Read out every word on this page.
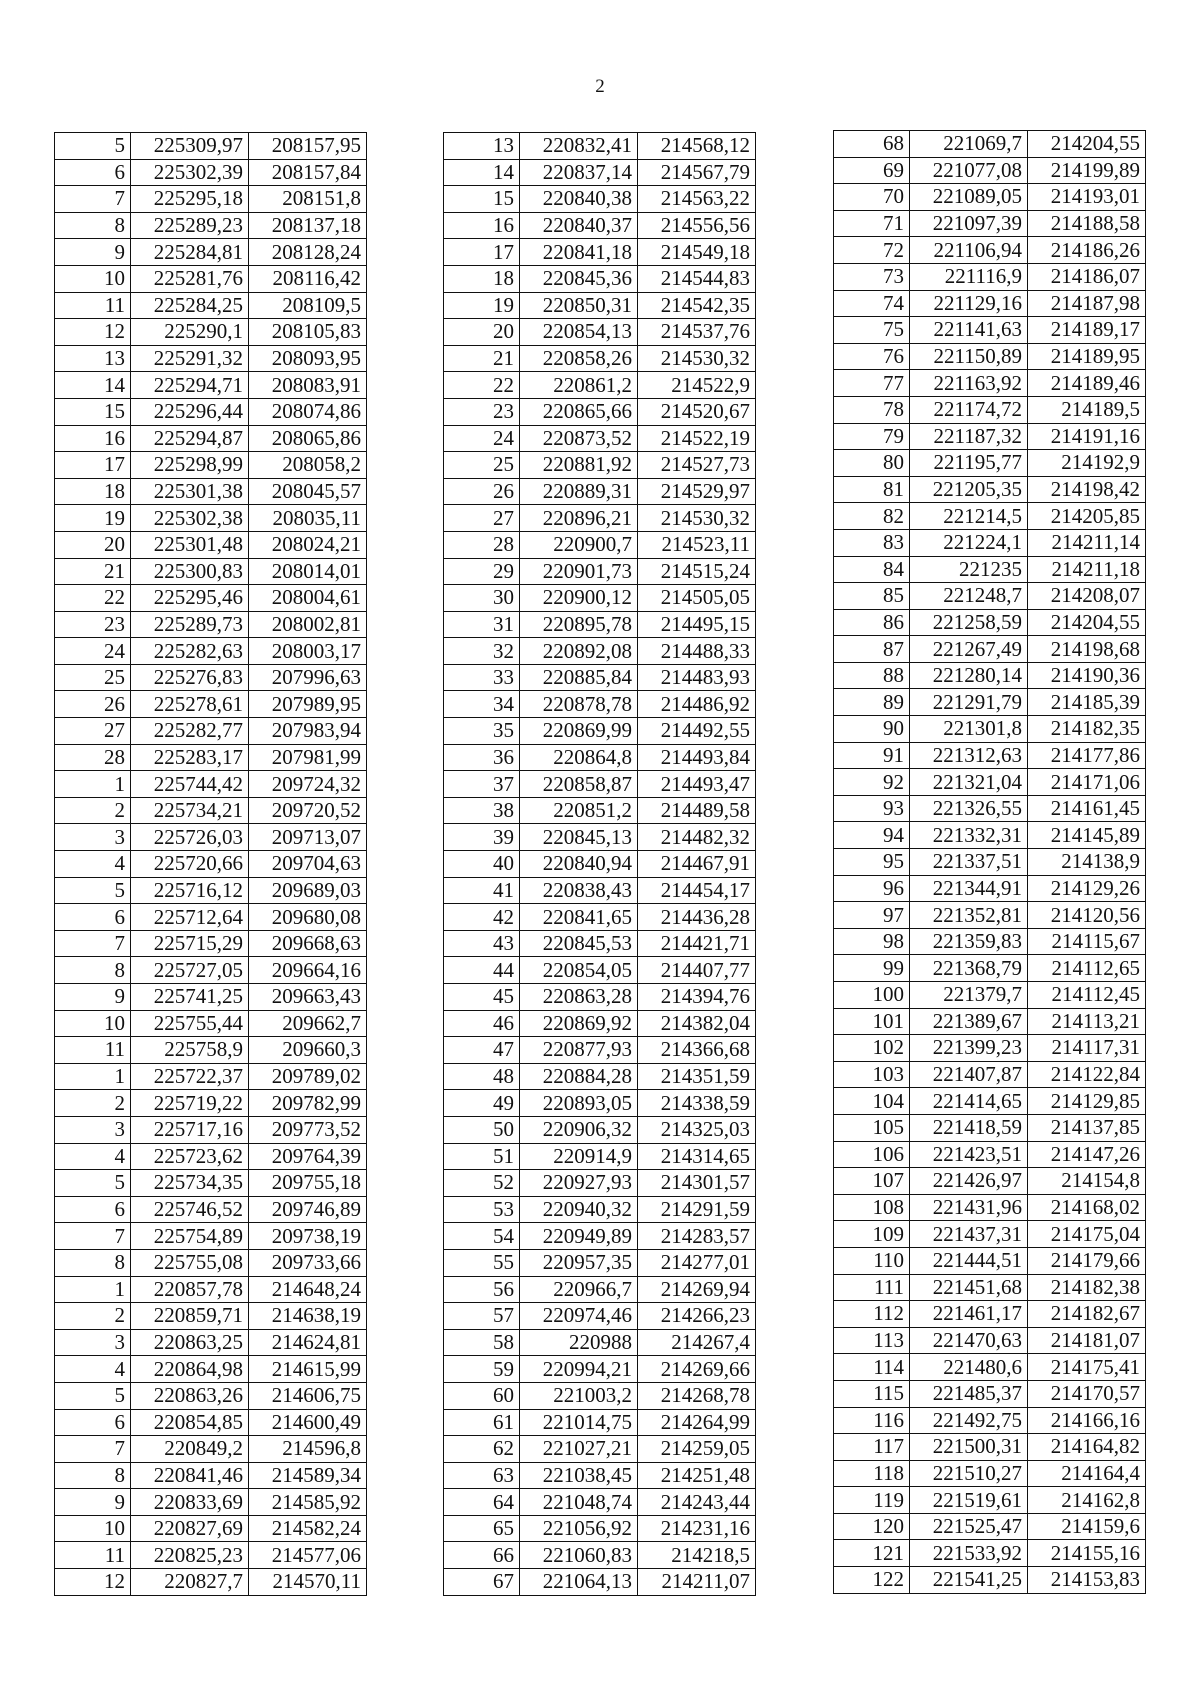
2
5	225309,97	208157,95
6	225302,39	208157,84
7	225295,18	208151,8
8	225289,23	208137,18
9	225284,81	208128,24
10	225281,76	208116,42
11	225284,25	208109,5
12	225290,1	208105,83
13	225291,32	208093,95
14	225294,71	208083,91
15	225296,44	208074,86
16	225294,87	208065,86
17	225298,99	208058,2
18	225301,38	208045,57
19	225302,38	208035,11
20	225301,48	208024,21
21	225300,83	208014,01
22	225295,46	208004,61
23	225289,73	208002,81
24	225282,63	208003,17
25	225276,83	207996,63
26	225278,61	207989,95
27	225282,77	207983,94
28	225283,17	207981,99
1	225744,42	209724,32
2	225734,21	209720,52
3	225726,03	209713,07
4	225720,66	209704,63
5	225716,12	209689,03
6	225712,64	209680,08
7	225715,29	209668,63
8	225727,05	209664,16
9	225741,25	209663,43
10	225755,44	209662,7
11	225758,9	209660,3
1	225722,37	209789,02
2	225719,22	209782,99
3	225717,16	209773,52
4	225723,62	209764,39
5	225734,35	209755,18
6	225746,52	209746,89
7	225754,89	209738,19
8	225755,08	209733,66
1	220857,78	214648,24
2	220859,71	214638,19
3	220863,25	214624,81
4	220864,98	214615,99
5	220863,26	214606,75
6	220854,85	214600,49
7	220849,2	214596,8
8	220841,46	214589,34
9	220833,69	214585,92
10	220827,69	214582,24
11	220825,23	214577,06
12	220827,7	214570,11
13	220832,41	214568,12
14	220837,14	214567,79
15	220840,38	214563,22
16	220840,37	214556,56
17	220841,18	214549,18
18	220845,36	214544,83
19	220850,31	214542,35
20	220854,13	214537,76
21	220858,26	214530,32
22	220861,2	214522,9
23	220865,66	214520,67
24	220873,52	214522,19
25	220881,92	214527,73
26	220889,31	214529,97
27	220896,21	214530,32
28	220900,7	214523,11
29	220901,73	214515,24
30	220900,12	214505,05
31	220895,78	214495,15
32	220892,08	214488,33
33	220885,84	214483,93
34	220878,78	214486,92
35	220869,99	214492,55
36	220864,8	214493,84
37	220858,87	214493,47
38	220851,2	214489,58
39	220845,13	214482,32
40	220840,94	214467,91
41	220838,43	214454,17
42	220841,65	214436,28
43	220845,53	214421,71
44	220854,05	214407,77
45	220863,28	214394,76
46	220869,92	214382,04
47	220877,93	214366,68
48	220884,28	214351,59
49	220893,05	214338,59
50	220906,32	214325,03
51	220914,9	214314,65
52	220927,93	214301,57
53	220940,32	214291,59
54	220949,89	214283,57
55	220957,35	214277,01
56	220966,7	214269,94
57	220974,46	214266,23
58	220988	214267,4
59	220994,21	214269,66
60	221003,2	214268,78
61	221014,75	214264,99
62	221027,21	214259,05
63	221038,45	214251,48
64	221048,74	214243,44
65	221056,92	214231,16
66	221060,83	214218,5
67	221064,13	214211,07
68	221069,7	214204,55
69	221077,08	214199,89
70	221089,05	214193,01
71	221097,39	214188,58
72	221106,94	214186,26
73	221116,9	214186,07
74	221129,16	214187,98
75	221141,63	214189,17
76	221150,89	214189,95
77	221163,92	214189,46
78	221174,72	214189,5
79	221187,32	214191,16
80	221195,77	214192,9
81	221205,35	214198,42
82	221214,5	214205,85
83	221224,1	214211,14
84	221235	214211,18
85	221248,7	214208,07
86	221258,59	214204,55
87	221267,49	214198,68
88	221280,14	214190,36
89	221291,79	214185,39
90	221301,8	214182,35
91	221312,63	214177,86
92	221321,04	214171,06
93	221326,55	214161,45
94	221332,31	214145,89
95	221337,51	214138,9
96	221344,91	214129,26
97	221352,81	214120,56
98	221359,83	214115,67
99	221368,79	214112,65
100	221379,7	214112,45
101	221389,67	214113,21
102	221399,23	214117,31
103	221407,87	214122,84
104	221414,65	214129,85
105	221418,59	214137,85
106	221423,51	214147,26
107	221426,97	214154,8
108	221431,96	214168,02
109	221437,31	214175,04
110	221444,51	214179,66
111	221451,68	214182,38
112	221461,17	214182,67
113	221470,63	214181,07
114	221480,6	214175,41
115	221485,37	214170,57
116	221492,75	214166,16
117	221500,31	214164,82
118	221510,27	214164,4
119	221519,61	214162,8
120	221525,47	214159,6
121	221533,92	214155,16
122	221541,25	214153,83
